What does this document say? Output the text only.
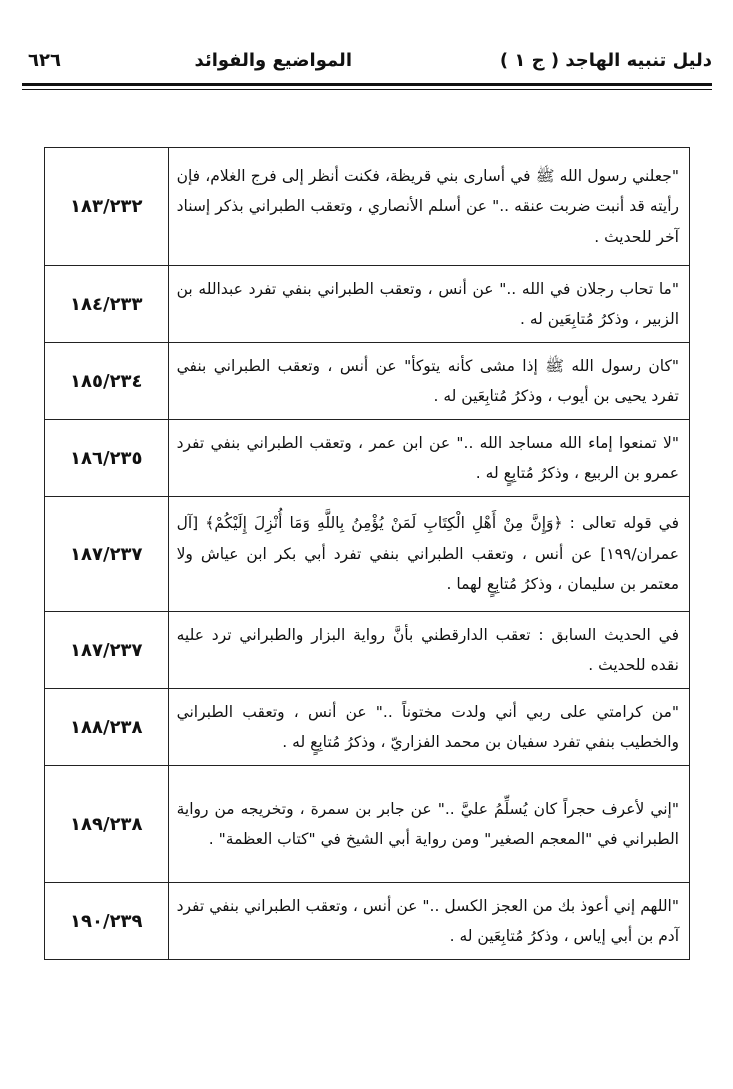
دليل تنبيه الهاجد ( ج ١ )
المواضيع والفوائد
٦٢٦
"جعلني رسول الله ﷺ في أسارى بني قريظة، فكنت أنظر إلى فرج الغلام، فإن رأيته قد أنبت ضربت عنقه .." عن أسلم الأنصاري ، وتعقب الطبراني بذكر إسناد آخر للحديث .	١٨٣/٢٣٢
"ما تحاب رجلان في الله .." عن أنس ، وتعقب الطبراني بنفي تفرد عبدالله بن الزبير ، وذكرُ مُتابِعَين له .	١٨٤/٢٣٣
"كان رسول الله ﷺ إذا مشى كأنه يتوكأ" عن أنس ، وتعقب الطبراني بنفي تفرد يحيى بن أيوب ، وذكرُ مُتابِعَين له .	١٨٥/٢٣٤
"لا تمنعوا إماء الله مساجد الله .." عن ابن عمر ، وتعقب الطبراني بنفي تفرد عمرو بن الربيع ، وذكرُ مُتابِعٍ له .	١٨٦/٢٣٥
في قوله تعالى : ﴿وَإِنَّ مِنْ أَهْلِ الْكِتَابِ لَمَنْ يُؤْمِنُ بِاللَّهِ وَمَا أُنْزِلَ إِلَيْكُمْ﴾ [آل عمران/١٩٩] عن أنس ، وتعقب الطبراني بنفي تفرد أبي بكر ابن عياش ولا معتمر بن سليمان ، وذكرُ مُتابِعٍ لهما .	١٨٧/٢٣٧
في الحديث السابق : تعقب الدارقطني بأنَّ رواية البزار والطبراني ترد عليه نقده للحديث .	١٨٧/٢٣٧
"من كرامتي على ربي أني ولدت مختوناً .." عن أنس ، وتعقب الطبراني والخطيب بنفي تفرد سفيان بن محمد الفزاريّ ، وذكرُ مُتابِعٍ له .	١٨٨/٢٣٨
"إني لأعرف حجراً كان يُسلِّمُ عليَّ .." عن جابر بن سمرة ، وتخريجه من رواية الطبراني في "المعجم الصغير" ومن رواية أبي الشيخ في "كتاب العظمة" .	١٨٩/٢٣٨
"اللهم إني أعوذ بك من العجز الكسل .." عن أنس ، وتعقب الطبراني بنفي تفرد آدم بن أبي إياس ، وذكرُ مُتابِعَين له .	١٩٠/٢٣٩
